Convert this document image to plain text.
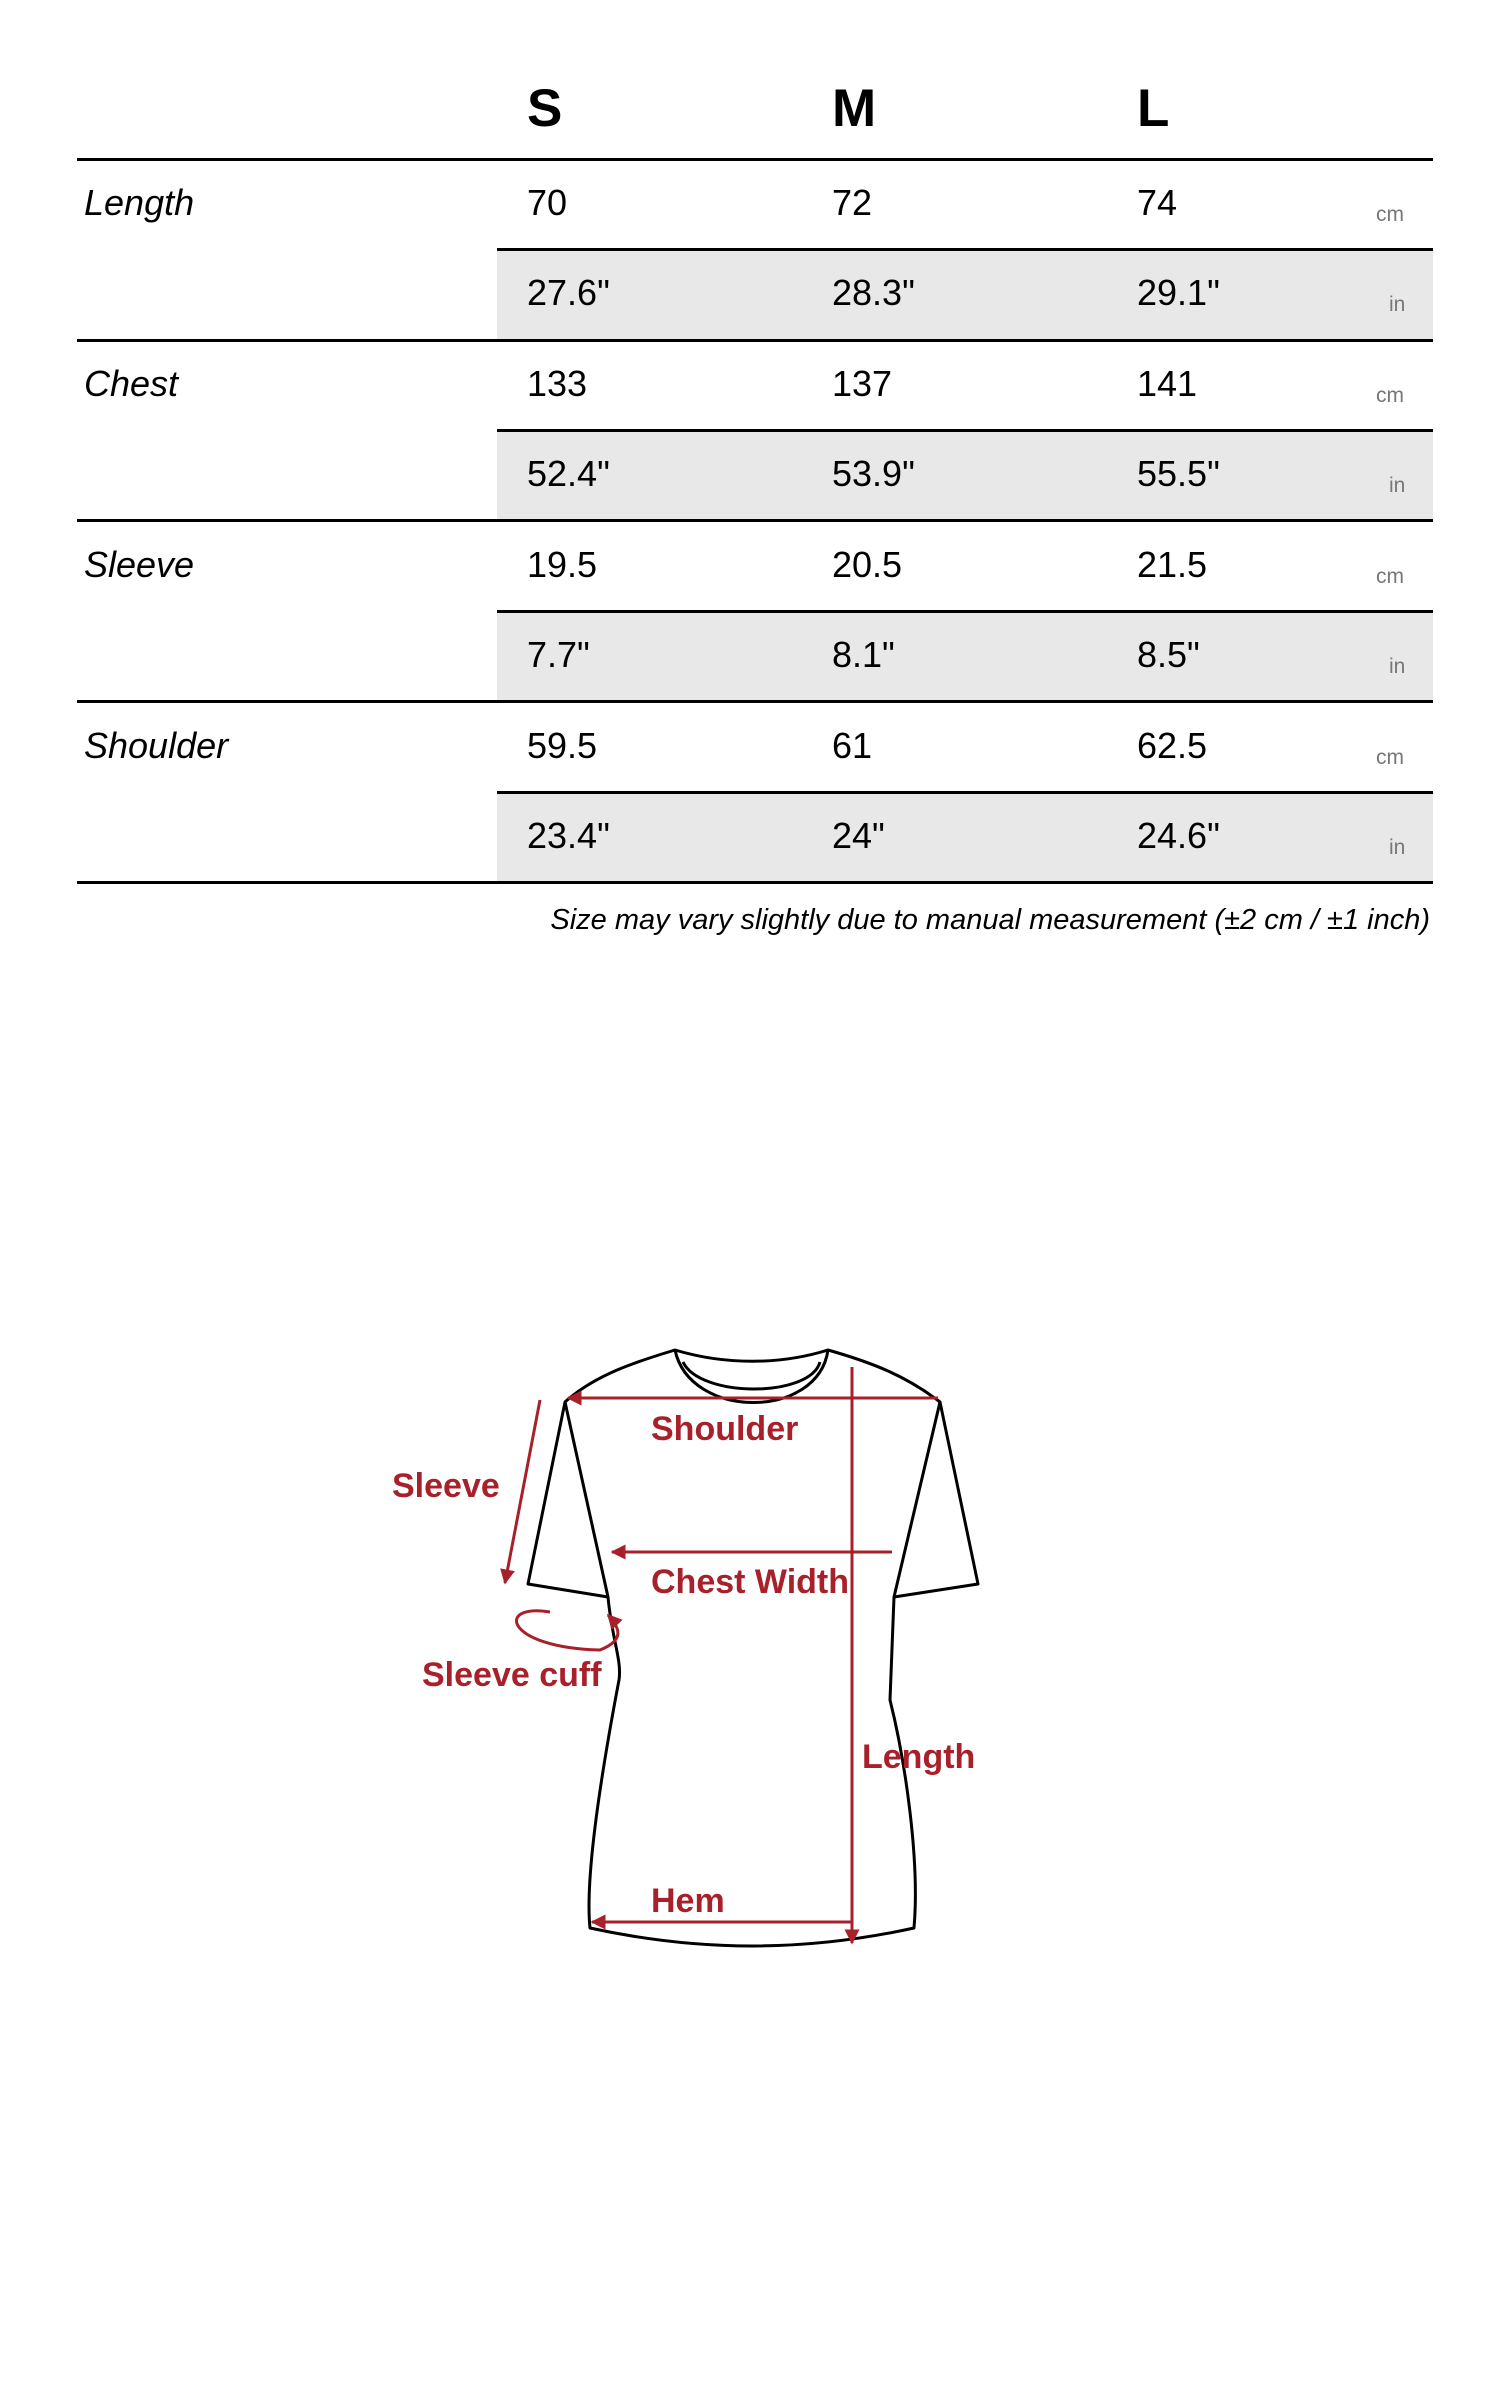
S	M	L
Length	70	72	74	cm
27.6"	28.3"	29.1"	in
Chest	133	137	141	cm
52.4"	53.9"	55.5"	in
Sleeve	19.5	20.5	21.5	cm
7.7"	8.1"	8.5"	in
Shoulder	59.5	61	62.5	cm
23.4"	24"	24.6"	in
Size may vary slightly due to manual measurement (±2 cm / ±1 inch)
Shoulder
Sleeve
Chest Width
Sleeve cuff
Length
Hem
